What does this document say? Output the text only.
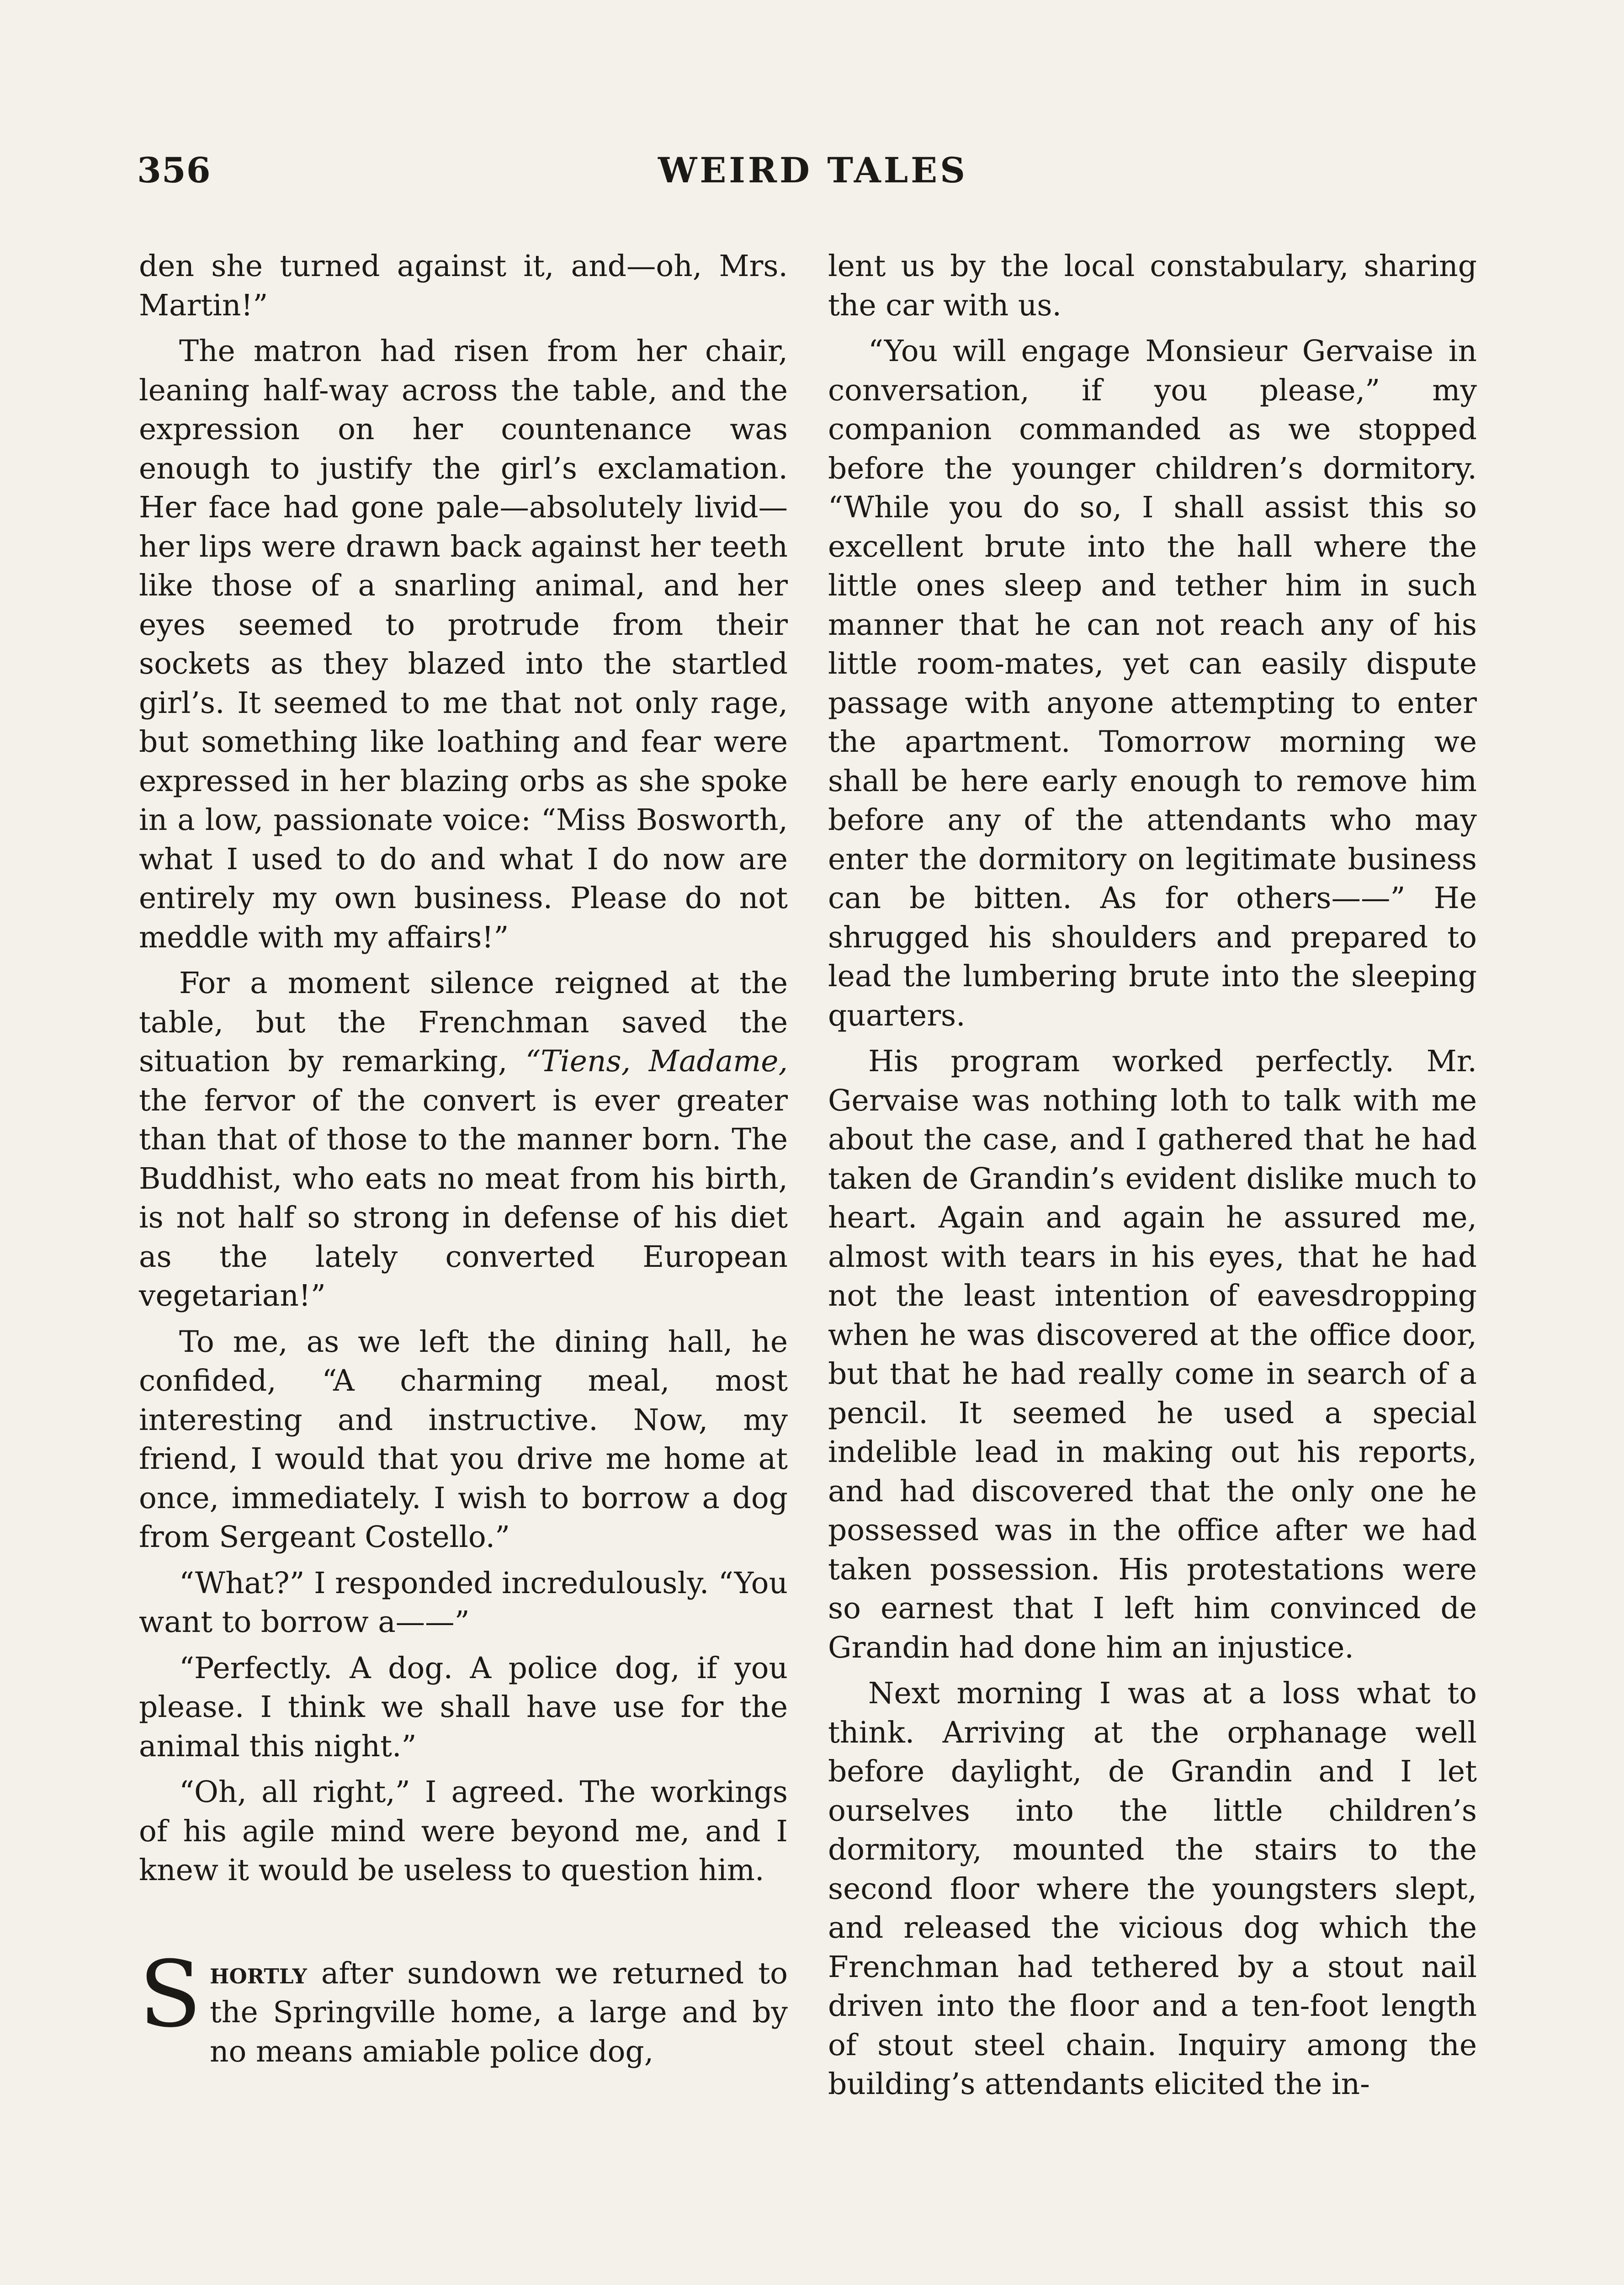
356	WEIRD TALES

den she turned against it, and—oh, Mrs. Martin!”

The matron had risen from her chair, leaning half-way across the table, and the expression on her countenance was enough to justify the girl’s exclamation. Her face had gone pale—absolutely livid—her lips were drawn back against her teeth like those of a snarling animal, and her eyes seemed to protrude from their sockets as they blazed into the startled girl’s. It seemed to me that not only rage, but something like loathing and fear were expressed in her blazing orbs as she spoke in a low, passionate voice: “Miss Bosworth, what I used to do and what I do now are entirely my own business. Please do not meddle with my affairs!”

For a moment silence reigned at the table, but the Frenchman saved the situation by remarking, “Tiens, Madame, the fervor of the convert is ever greater than that of those to the manner born. The Buddhist, who eats no meat from his birth, is not half so strong in defense of his diet as the lately converted European vegetarian!”

To me, as we left the dining hall, he confided, “A charming meal, most interesting and instructive. Now, my friend, I would that you drive me home at once, immediately. I wish to borrow a dog from Sergeant Costello.”

“What?” I responded incredulously. “You want to borrow a——”

“Perfectly. A dog. A police dog, if you please. I think we shall have use for the animal this night.”

“Oh, all right,” I agreed. The workings of his agile mind were beyond me, and I knew it would be useless to question him.

Shortly after sundown we returned to the Springville home, a large and by no means amiable police dog,

lent us by the local constabulary, sharing the car with us.

“You will engage Monsieur Gervaise in conversation, if you please,” my companion commanded as we stopped before the younger children’s dormitory. “While you do so, I shall assist this so excellent brute into the hall where the little ones sleep and tether him in such manner that he can not reach any of his little room-mates, yet can easily dispute passage with anyone attempting to enter the apartment. Tomorrow morning we shall be here early enough to remove him before any of the attendants who may enter the dormitory on legitimate business can be bitten. As for others——” He shrugged his shoulders and prepared to lead the lumbering brute into the sleeping quarters.

His program worked perfectly. Mr. Gervaise was nothing loth to talk with me about the case, and I gathered that he had taken de Grandin’s evident dislike much to heart. Again and again he assured me, almost with tears in his eyes, that he had not the least intention of eavesdropping when he was discovered at the office door, but that he had really come in search of a pencil. It seemed he used a special indelible lead in making out his reports, and had discovered that the only one he possessed was in the office after we had taken possession. His protestations were so earnest that I left him convinced de Grandin had done him an injustice.

Next morning I was at a loss what to think. Arriving at the orphanage well before daylight, de Grandin and I let ourselves into the little children’s dormitory, mounted the stairs to the second floor where the youngsters slept, and released the vicious dog which the Frenchman had tethered by a stout nail driven into the floor and a ten-foot length of stout steel chain. Inquiry among the building’s attendants elicited the in-
